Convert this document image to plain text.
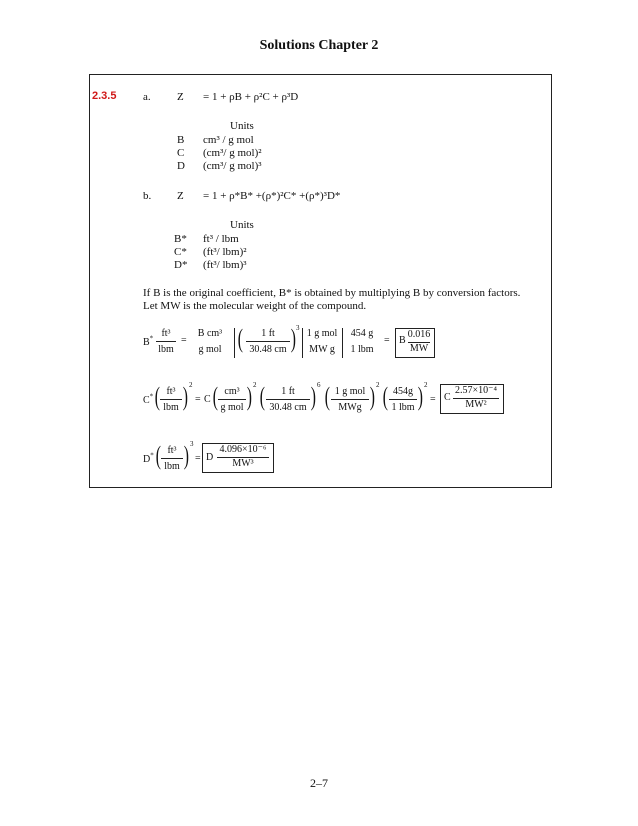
Solutions Chapter 2
2.3.5 a. Z = 1 + ρB + ρ²C + ρ³D
Units
B cm³ / g mol
C (cm³/ g mol)²
D (cm³/ g mol)³
b. Z = 1 + ρ*B* +(ρ*)²C* +(ρ*)³D*
Units
B* ft³ / lbm
C* (ft³/ lbm)²
D* (ft³/ lbm)³
If B is the original coefficient, B* is obtained by multiplying B by conversion factors.
Let MW is the molecular weight of the compound.
B* ft³
lbm
=
B cm³
g mol (	1 ft
30.48 cm ) 3 1 g mol
MW g
454 g
1 lbm
= B
0.016
MW
C* ( ft³
lbm ) 2
= C ( cm³
g mol ) 2 (	1 ft
30.48 cm ) 6 ( 1 g mol
MWg ) 2 ( 454g
1 lbm ) 2
= C
2.57×10⁻⁴
MW²
D* ( ft³
lbm ) 3
= D
4.096×10⁻⁶
MW³
2–7
